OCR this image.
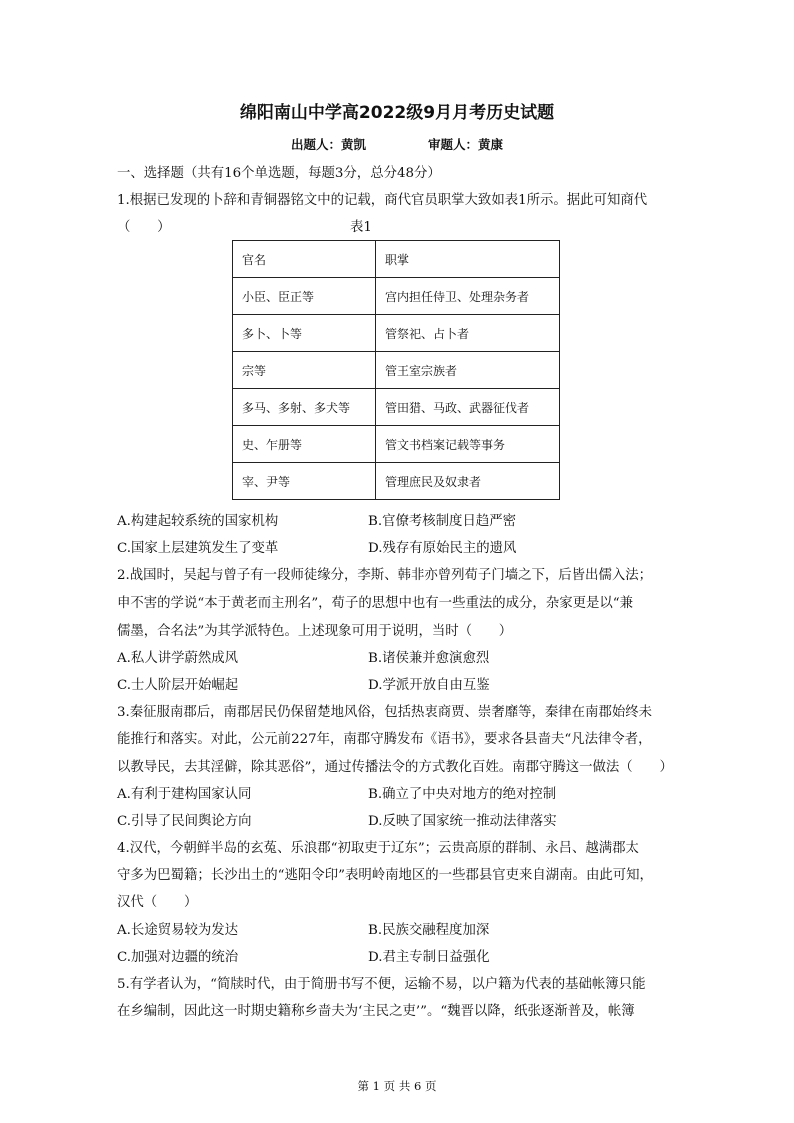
绵阳南山中学高2022级9月月考历史试题
出题人：黄凯	审题人：黄康
一、选择题（共有16个单选题，每题3分，总分48分）
1.根据已发现的卜辞和青铜器铭文中的记载，商代官员职掌大致如表1所示。据此可知商代
（　　）	表1
官名	职掌
小臣、臣正等	宫内担任侍卫、处理杂务者
多卜、卜等	管祭祀、占卜者
宗等	管王室宗族者
多马、多射、多犬等	管田猎、马政、武器征伐者
史、乍册等	管文书档案记载等事务
宰、尹等	管理庶民及奴隶者
A.构建起较系统的国家机构	B.官僚考核制度日趋严密
C.国家上层建筑发生了变革	D.残存有原始民主的遗风
2.战国时，吴起与曾子有一段师徒缘分，李斯、韩非亦曾列荀子门墙之下，后皆出儒入法；
申不害的学说“本于黄老而主刑名”，荀子的思想中也有一些重法的成分，杂家更是以“兼
儒墨，合名法”为其学派特色。上述现象可用于说明，当时（　　）
A.私人讲学蔚然成风	B.诸侯兼并愈演愈烈
C.士人阶层开始崛起	D.学派开放自由互鉴
3.秦征服南郡后，南郡居民仍保留楚地风俗，包括热衷商贾、崇奢靡等，秦律在南郡始终未
能推行和落实。对此，公元前227年，南郡守腾发布《语书》，要求各县啬夫“凡法律令者，
以教导民，去其淫僻，除其恶俗”，通过传播法令的方式教化百姓。南郡守腾这一做法（　　）
A.有利于建构国家认同	B.确立了中央对地方的绝对控制
C.引导了民间舆论方向	D.反映了国家统一推动法律落实
4.汉代，今朝鲜半岛的玄菟、乐浪郡“初取吏于辽东”；云贵高原的群制、永吕、越满郡太
守多为巴蜀籍；长沙出土的“逃阳令印”表明岭南地区的一些郡县官吏来自湖南。由此可知，
汉代（　　）
A.长途贸易较为发达	B.民族交融程度加深
C.加强对边疆的统治	D.君主专制日益强化
5.有学者认为，“简牍时代，由于简册书写不便，运输不易，以户籍为代表的基础帐簿只能
在乡编制，因此这一时期史籍称乡啬夫为‘主民之吏’”。“魏晋以降，纸张逐渐普及，帐簿
第 1 页 共 6 页
